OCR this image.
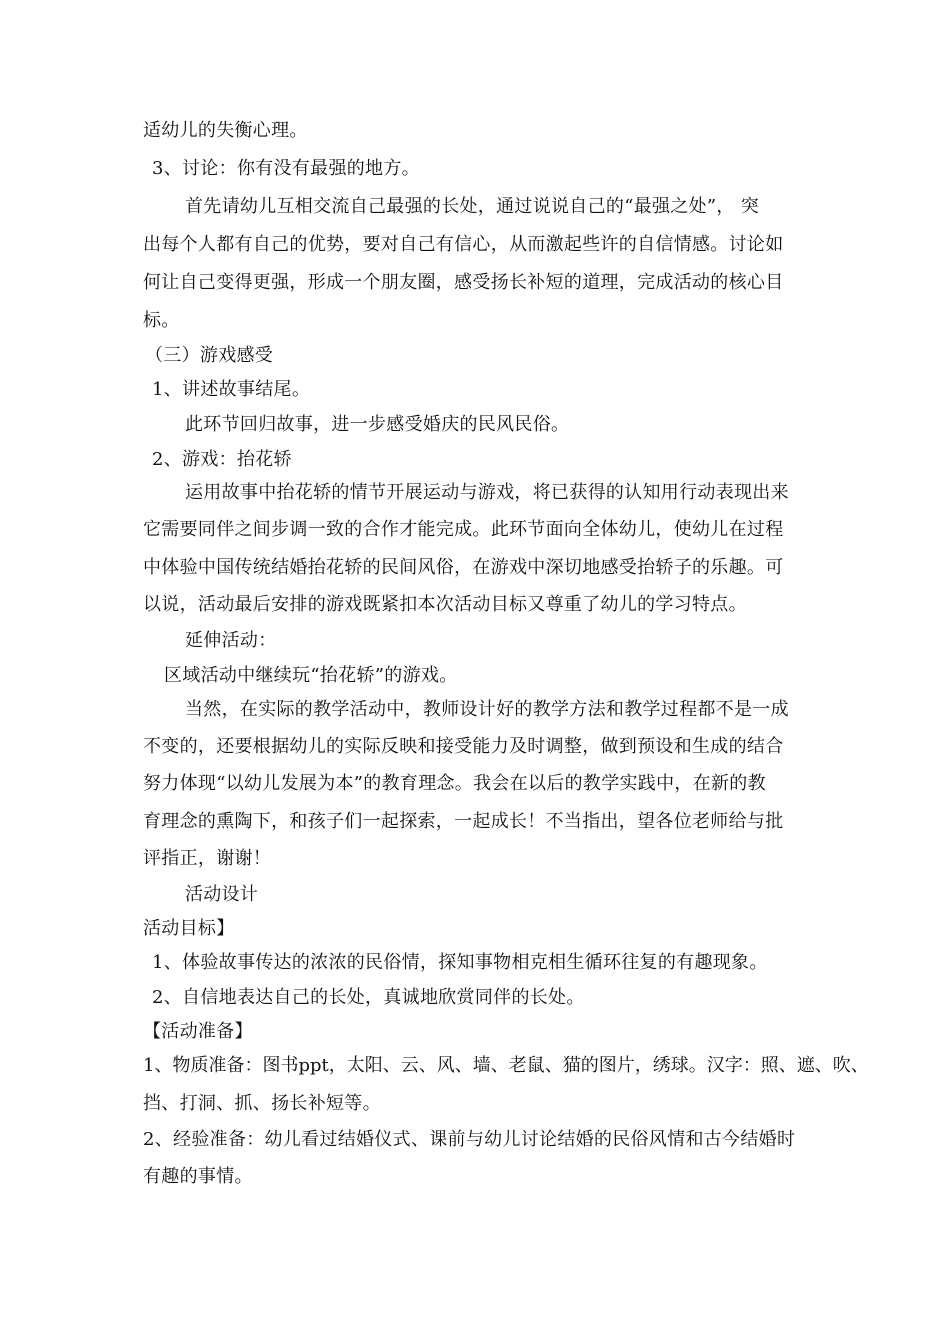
适幼儿的失衡心理。
3、讨论：你有没有最强的地方。
首先请幼儿互相交流自己最强的长处，通过说说自己的“最强之处”， 突
出每个人都有自己的优势，要对自己有信心，从而激起些许的自信情感。讨论如
何让自己变得更强，形成一个朋友圈，感受扬长补短的道理，完成活动的核心目
标。
（三）游戏感受
1、讲述故事结尾。
此环节回归故事，进一步感受婚庆的民风民俗。
2、游戏：抬花轿
运用故事中抬花轿的情节开展运动与游戏，将已获得的认知用行动表现出来
它需要同伴之间步调一致的合作才能完成。此环节面向全体幼儿，使幼儿在过程
中体验中国传统结婚抬花轿的民间风俗，在游戏中深切地感受抬轿子的乐趣。可
以说，活动最后安排的游戏既紧扣本次活动目标又尊重了幼儿的学习特点。
延伸活动：
区域活动中继续玩“抬花轿”的游戏。
当然，在实际的教学活动中，教师设计好的教学方法和教学过程都不是一成
不变的，还要根据幼儿的实际反映和接受能力及时调整，做到预设和生成的结合
努力体现“以幼儿发展为本”的教育理念。我会在以后的教学实践中，在新的教
育理念的熏陶下，和孩子们一起探索，一起成长！不当指出，望各位老师给与批
评指正，谢谢！
活动设计
活动目标】
1、体验故事传达的浓浓的民俗情，探知事物相克相生循环往复的有趣现象。
2、自信地表达自己的长处，真诚地欣赏同伴的长处。
【活动准备】
1、物质准备：图书ppt，太阳、云、风、墙、老鼠、猫的图片，绣球。汉字：照、遮、吹、
挡、打洞、抓、扬长补短等。
2、经验准备：幼儿看过结婚仪式、课前与幼儿讨论结婚的民俗风情和古今结婚时
有趣的事情。
